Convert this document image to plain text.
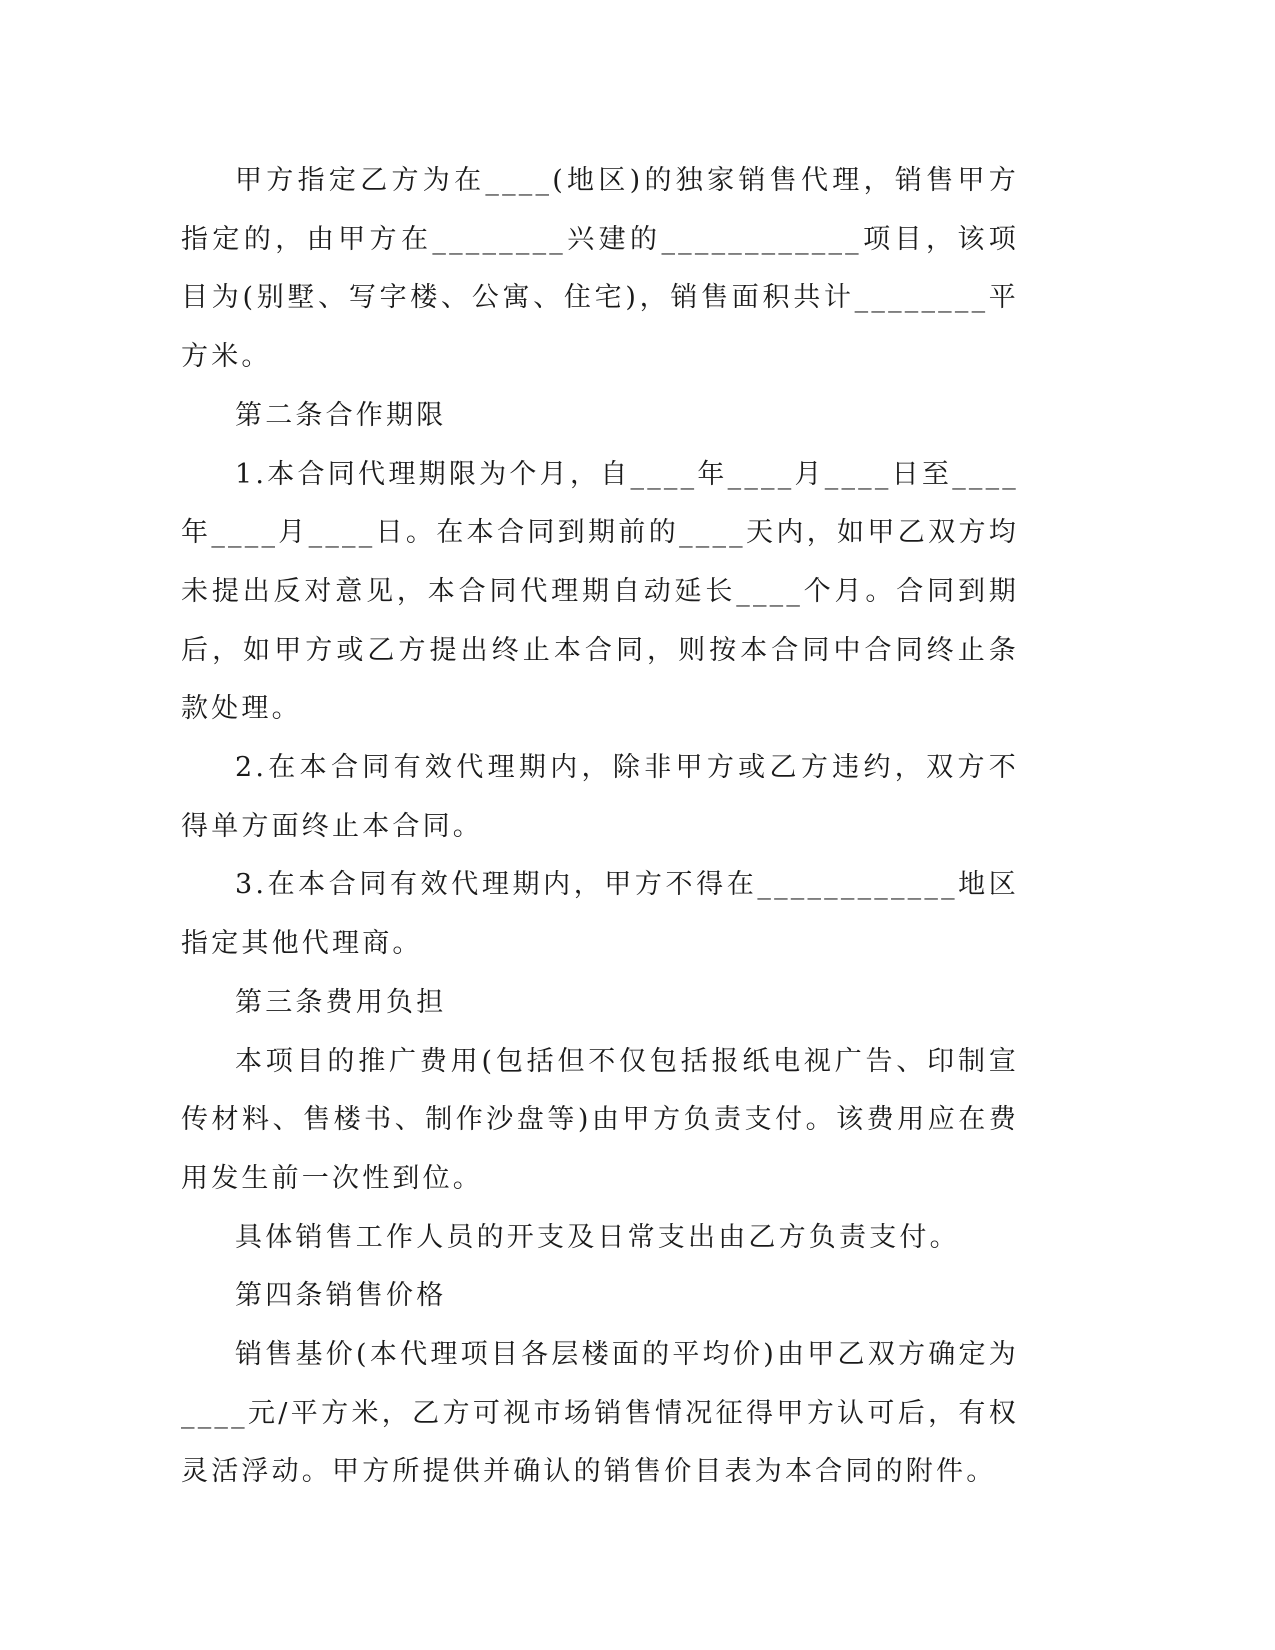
甲方指定乙方为在____(地区)的独家销售代理，销售甲方指定的，由甲方在________兴建的____________项目，该项目为(别墅、写字楼、公寓、住宅)，销售面积共计________平方米。

第二条合作期限

1.本合同代理期限为个月，自____年____月____日至____年____月____日。在本合同到期前的____天内，如甲乙双方均未提出反对意见，本合同代理期自动延长____个月。合同到期后，如甲方或乙方提出终止本合同，则按本合同中合同终止条款处理。

2.在本合同有效代理期内，除非甲方或乙方违约，双方不得单方面终止本合同。

3.在本合同有效代理期内，甲方不得在____________地区指定其他代理商。

第三条费用负担

本项目的推广费用(包括但不仅包括报纸电视广告、印制宣传材料、售楼书、制作沙盘等)由甲方负责支付。该费用应在费用发生前一次性到位。

具体销售工作人员的开支及日常支出由乙方负责支付。

第四条销售价格

销售基价(本代理项目各层楼面的平均价)由甲乙双方确定为____元/平方米，乙方可视市场销售情况征得甲方认可后，有权灵活浮动。甲方所提供并确认的销售价目表为本合同的附件。
